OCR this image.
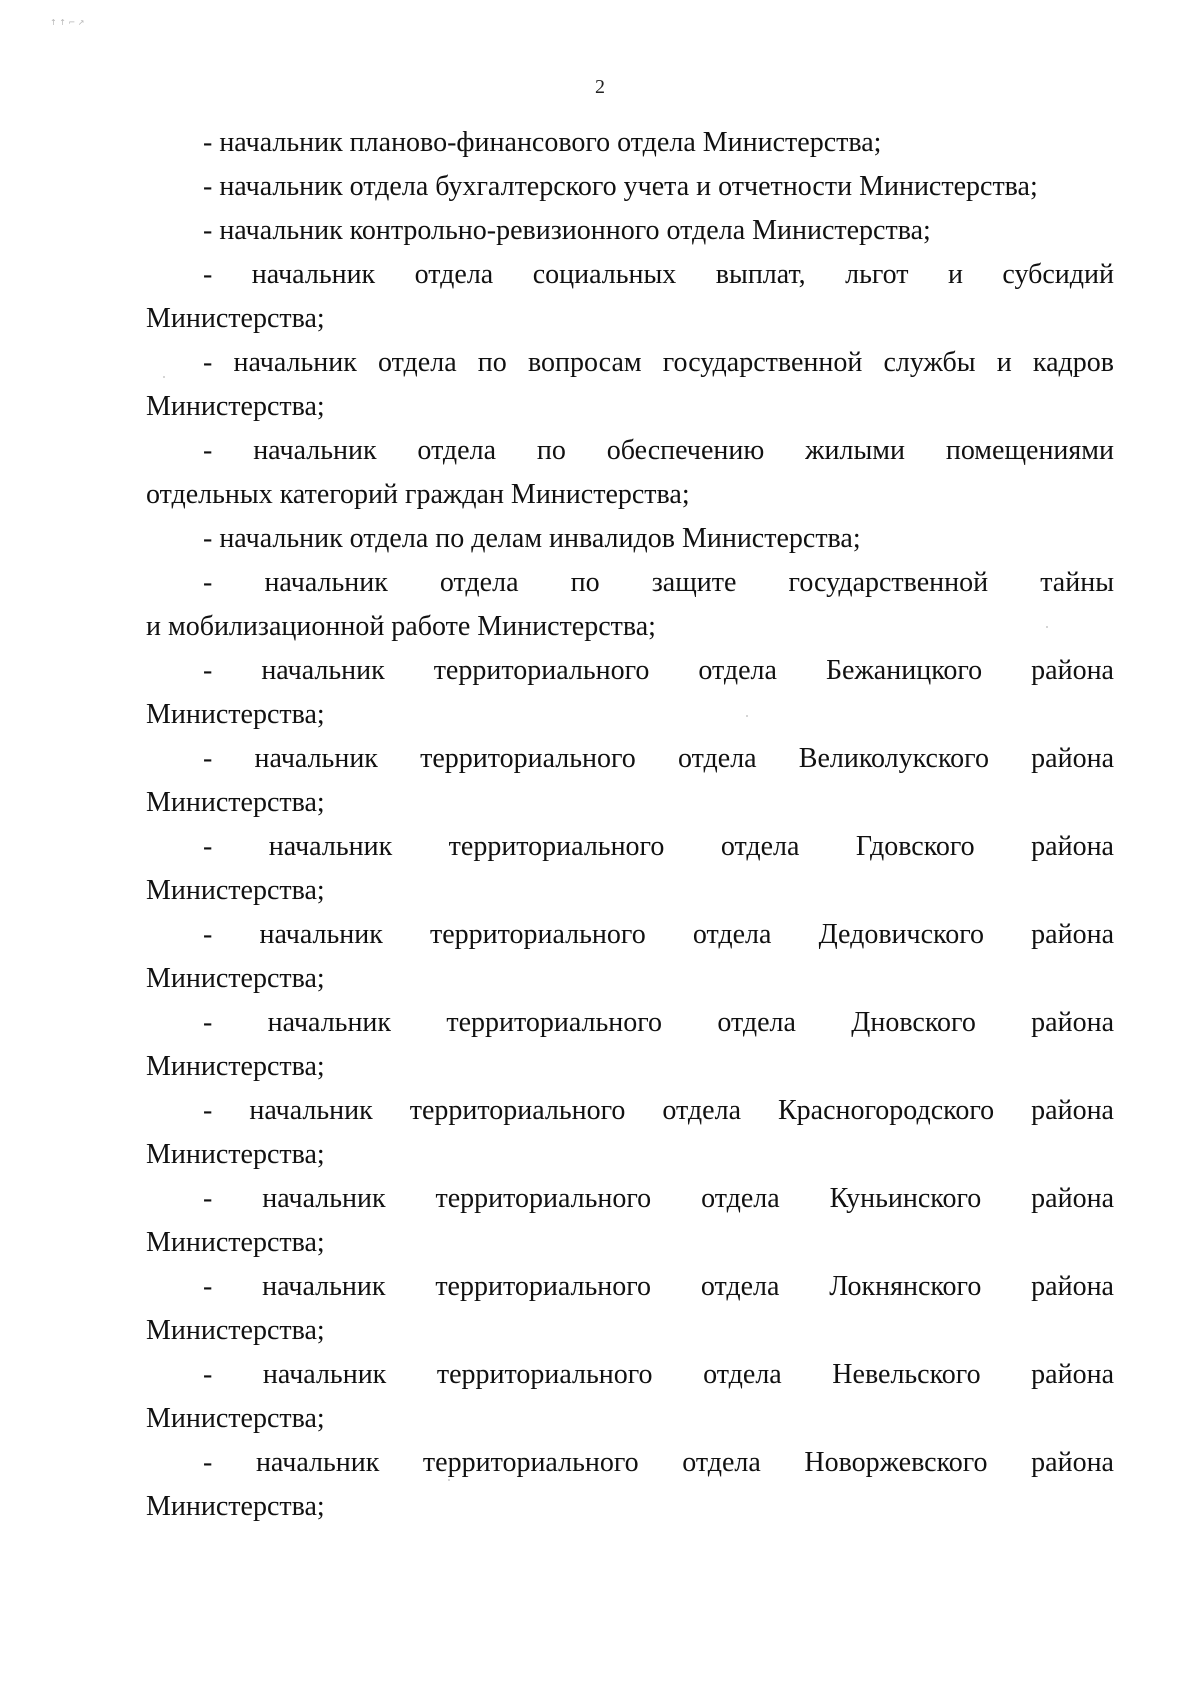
↑ ↑ ⌐ ↗
2

- начальник планово-финансового отдела Министерства;

- начальник отдела бухгалтерского учета и отчетности Министерства;

- начальник контрольно-ревизионного отдела Министерства;

- начальник отдела социальных выплат, льгот и субсидий

Министерства;

- начальник отдела по вопросам государственной службы и кадров

Министерства;

- начальник отдела по обеспечению жилыми помещениями

отдельных категорий граждан Министерства;

- начальник отдела по делам инвалидов Министерства;

- начальник отдела по защите государственной тайны

и мобилизационной работе Министерства;

- начальник территориального отдела Бежаницкого района

Министерства;

- начальник территориального отдела Великолукского района

Министерства;

- начальник территориального отдела Гдовского района

Министерства;

- начальник территориального отдела Дедовичского района

Министерства;

- начальник территориального отдела Дновского района

Министерства;

- начальник территориального отдела Красногородского района

Министерства;

- начальник территориального отдела Куньинского района

Министерства;

- начальник территориального отдела Локнянского района

Министерства;

- начальник территориального отдела Невельского района

Министерства;

- начальник территориального отдела Новоржевского района

Министерства;
